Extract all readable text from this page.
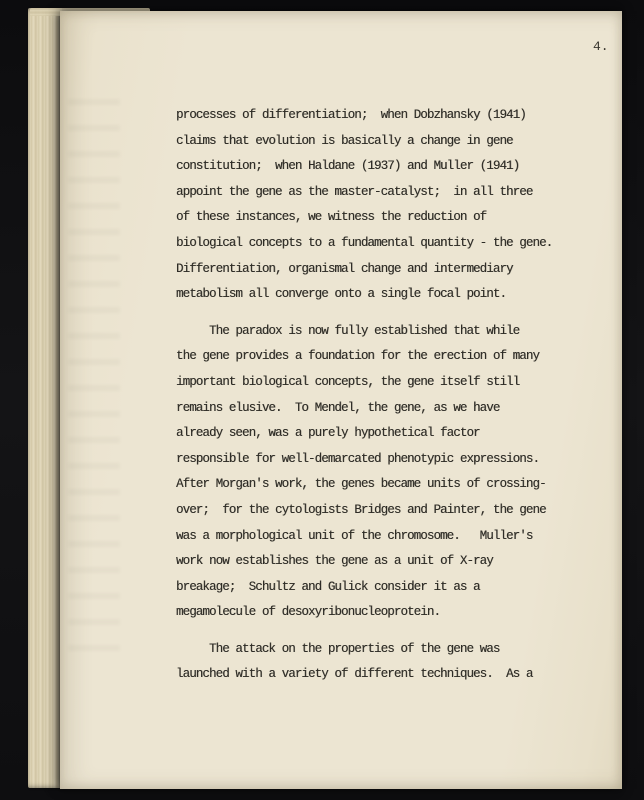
4.
processes of differentiation;  when Dobzhansky (1941)
claims that evolution is basically a change in gene
constitution;  when Haldane (1937) and Muller (1941)
appoint the gene as the master-catalyst;  in all three
of these instances, we witness the reduction of
biological concepts to a fundamental quantity - the gene.
Differentiation, organismal change and intermediary
metabolism all converge onto a single focal point.
The paradox is now fully established that while
the gene provides a foundation for the erection of many
important biological concepts, the gene itself still
remains elusive.  To Mendel, the gene, as we have
already seen, was a purely hypothetical factor
responsible for well-demarcated phenotypic expressions.
After Morgan's work, the genes became units of crossing-
over;  for the cytologists Bridges and Painter, the gene
was a morphological unit of the chromosome.   Muller's
work now establishes the gene as a unit of X-ray
breakage;  Schultz and Gulick consider it as a
megamolecule of desoxyribonucleoprotein.
The attack on the properties of the gene was
launched with a variety of different techniques.  As a
